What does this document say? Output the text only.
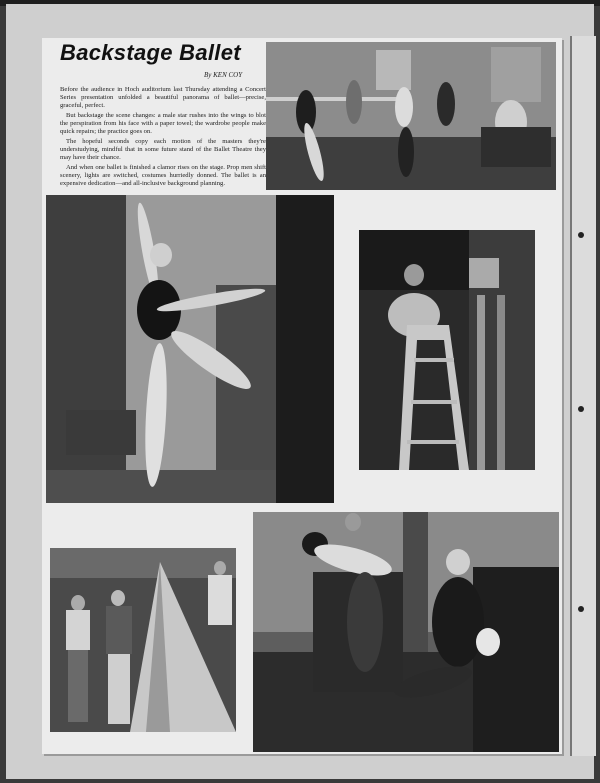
Backstage Ballet
By KEN COY

Before the audience in Hoch auditorium last Thursday attending a Concert Series presentation unfolded a beautiful panorama of ballet—precise, graceful, perfect.

But backstage the scene changes: a male star rushes into the wings to blot the perspiration from his face with a paper towel; the wardrobe people make quick repairs; the practice goes on.

The hopeful seconds copy each motion of the masters they're understudying, mindful that in some future stand of the Ballet Theatre they may have their chance.

And when one ballet is finished a clamor rises on the stage. Prop men shift scenery, lights are switched, costumes hurriedly donned. The ballet is an expensive dedication—and all-inclusive background planning.
